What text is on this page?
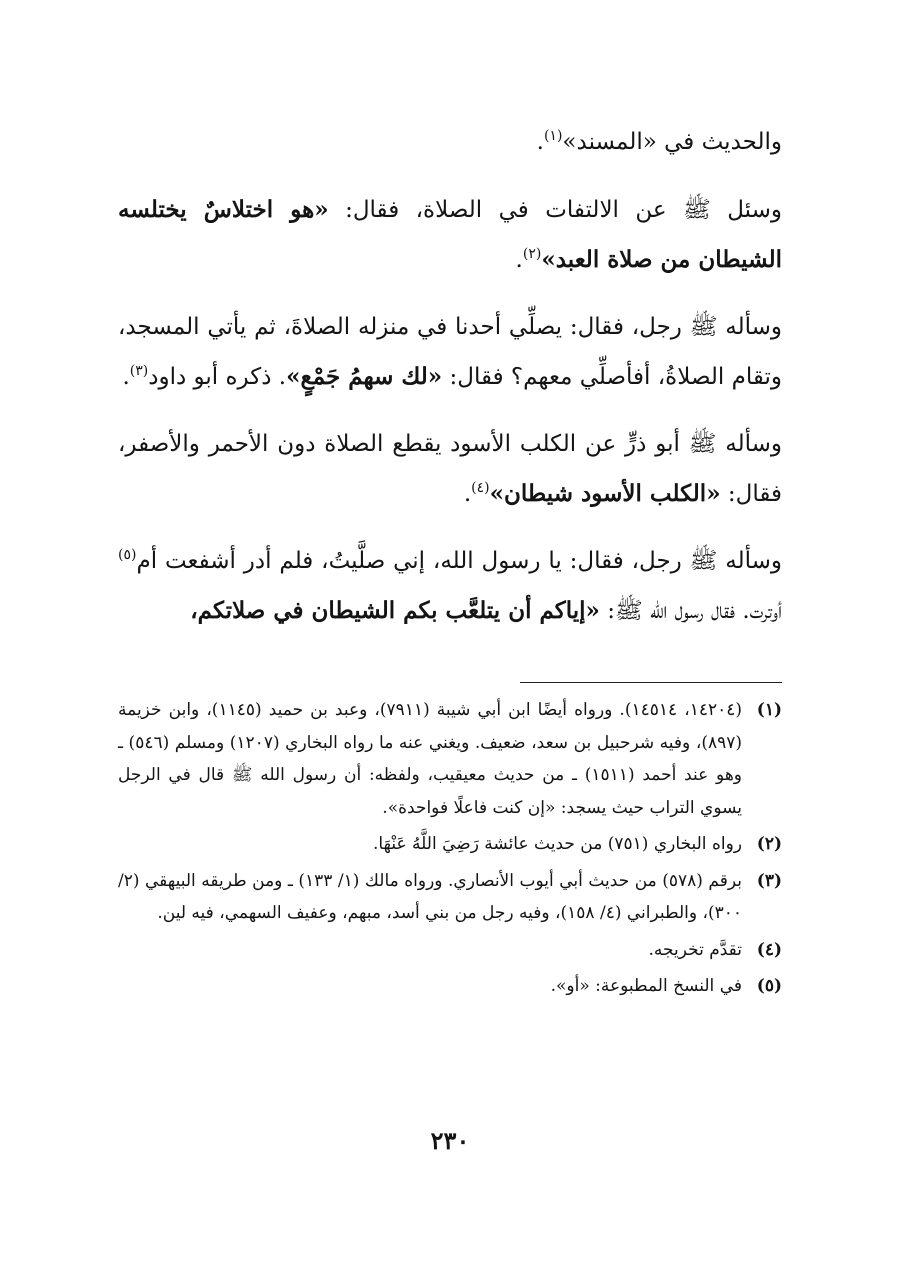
والحديث في «المسند»$^{(١)}$.

وسئل ﷺ عن الالتفات في الصلاة، فقال: «هو اختلاسٌ يختلسه الشيطان من صلاة العبد»$^{(٢)}$.

وسأله ﷺ رجل، فقال: يصلِّي أحدنا في منزله الصلاةَ، ثم يأتي المسجد، وتقام الصلاةُ، أفأصلِّي معهم؟ فقال: «لك سهمُ جَمْعٍ». ذكره أبو داود$^{(٣)}$.

وسأله ﷺ أبو ذرٍّ عن الكلب الأسود يقطع الصلاة دون الأحمر والأصفر، فقال: «الكلب الأسود شيطان»$^{(٤)}$.

وسأله ﷺ رجل، فقال: يا رسول الله، إني صلَّيتُ، فلم أدر أشفعت أم$^{(٥)}$ أوترت. فقال رسول الله ﷺ: «إياكم أن يتلعَّب بكم الشيطان في صلاتكم،

(١)
(١٤٢٠٤، ١٤٥١٤). ورواه أيضًا ابن أبي شيبة (٧٩١١)، وعبد بن حميد (١١٤٥)، وابن خزيمة (٨٩٧)، وفيه شرحبيل بن سعد، ضعيف. ويغني عنه ما رواه البخاري (١٢٠٧) ومسلم (٥٤٦) ـ وهو عند أحمد (١٥١١) ـ من حديث معيقيب، ولفظه: أن رسول الله ﷺ قال في الرجل يسوي التراب حيث يسجد: «إن كنت فاعلًا فواحدة».

(٢)
رواه البخاري (٧٥١) من حديث عائشة رَضِيَ اللَّهُ عَنْهَا.

(٣)
برقم (٥٧٨) من حديث أبي أيوب الأنصاري. ورواه مالك (١/ ١٣٣) ـ ومن طريقه البيهقي (٢/ ٣٠٠)، والطبراني (٤/ ١٥٨)، وفيه رجل من بني أسد، مبهم، وعفيف السهمي، فيه لين.

(٤)
تقدَّم تخريجه.

(٥)
في النسخ المطبوعة: «أو».

٢٣٠
